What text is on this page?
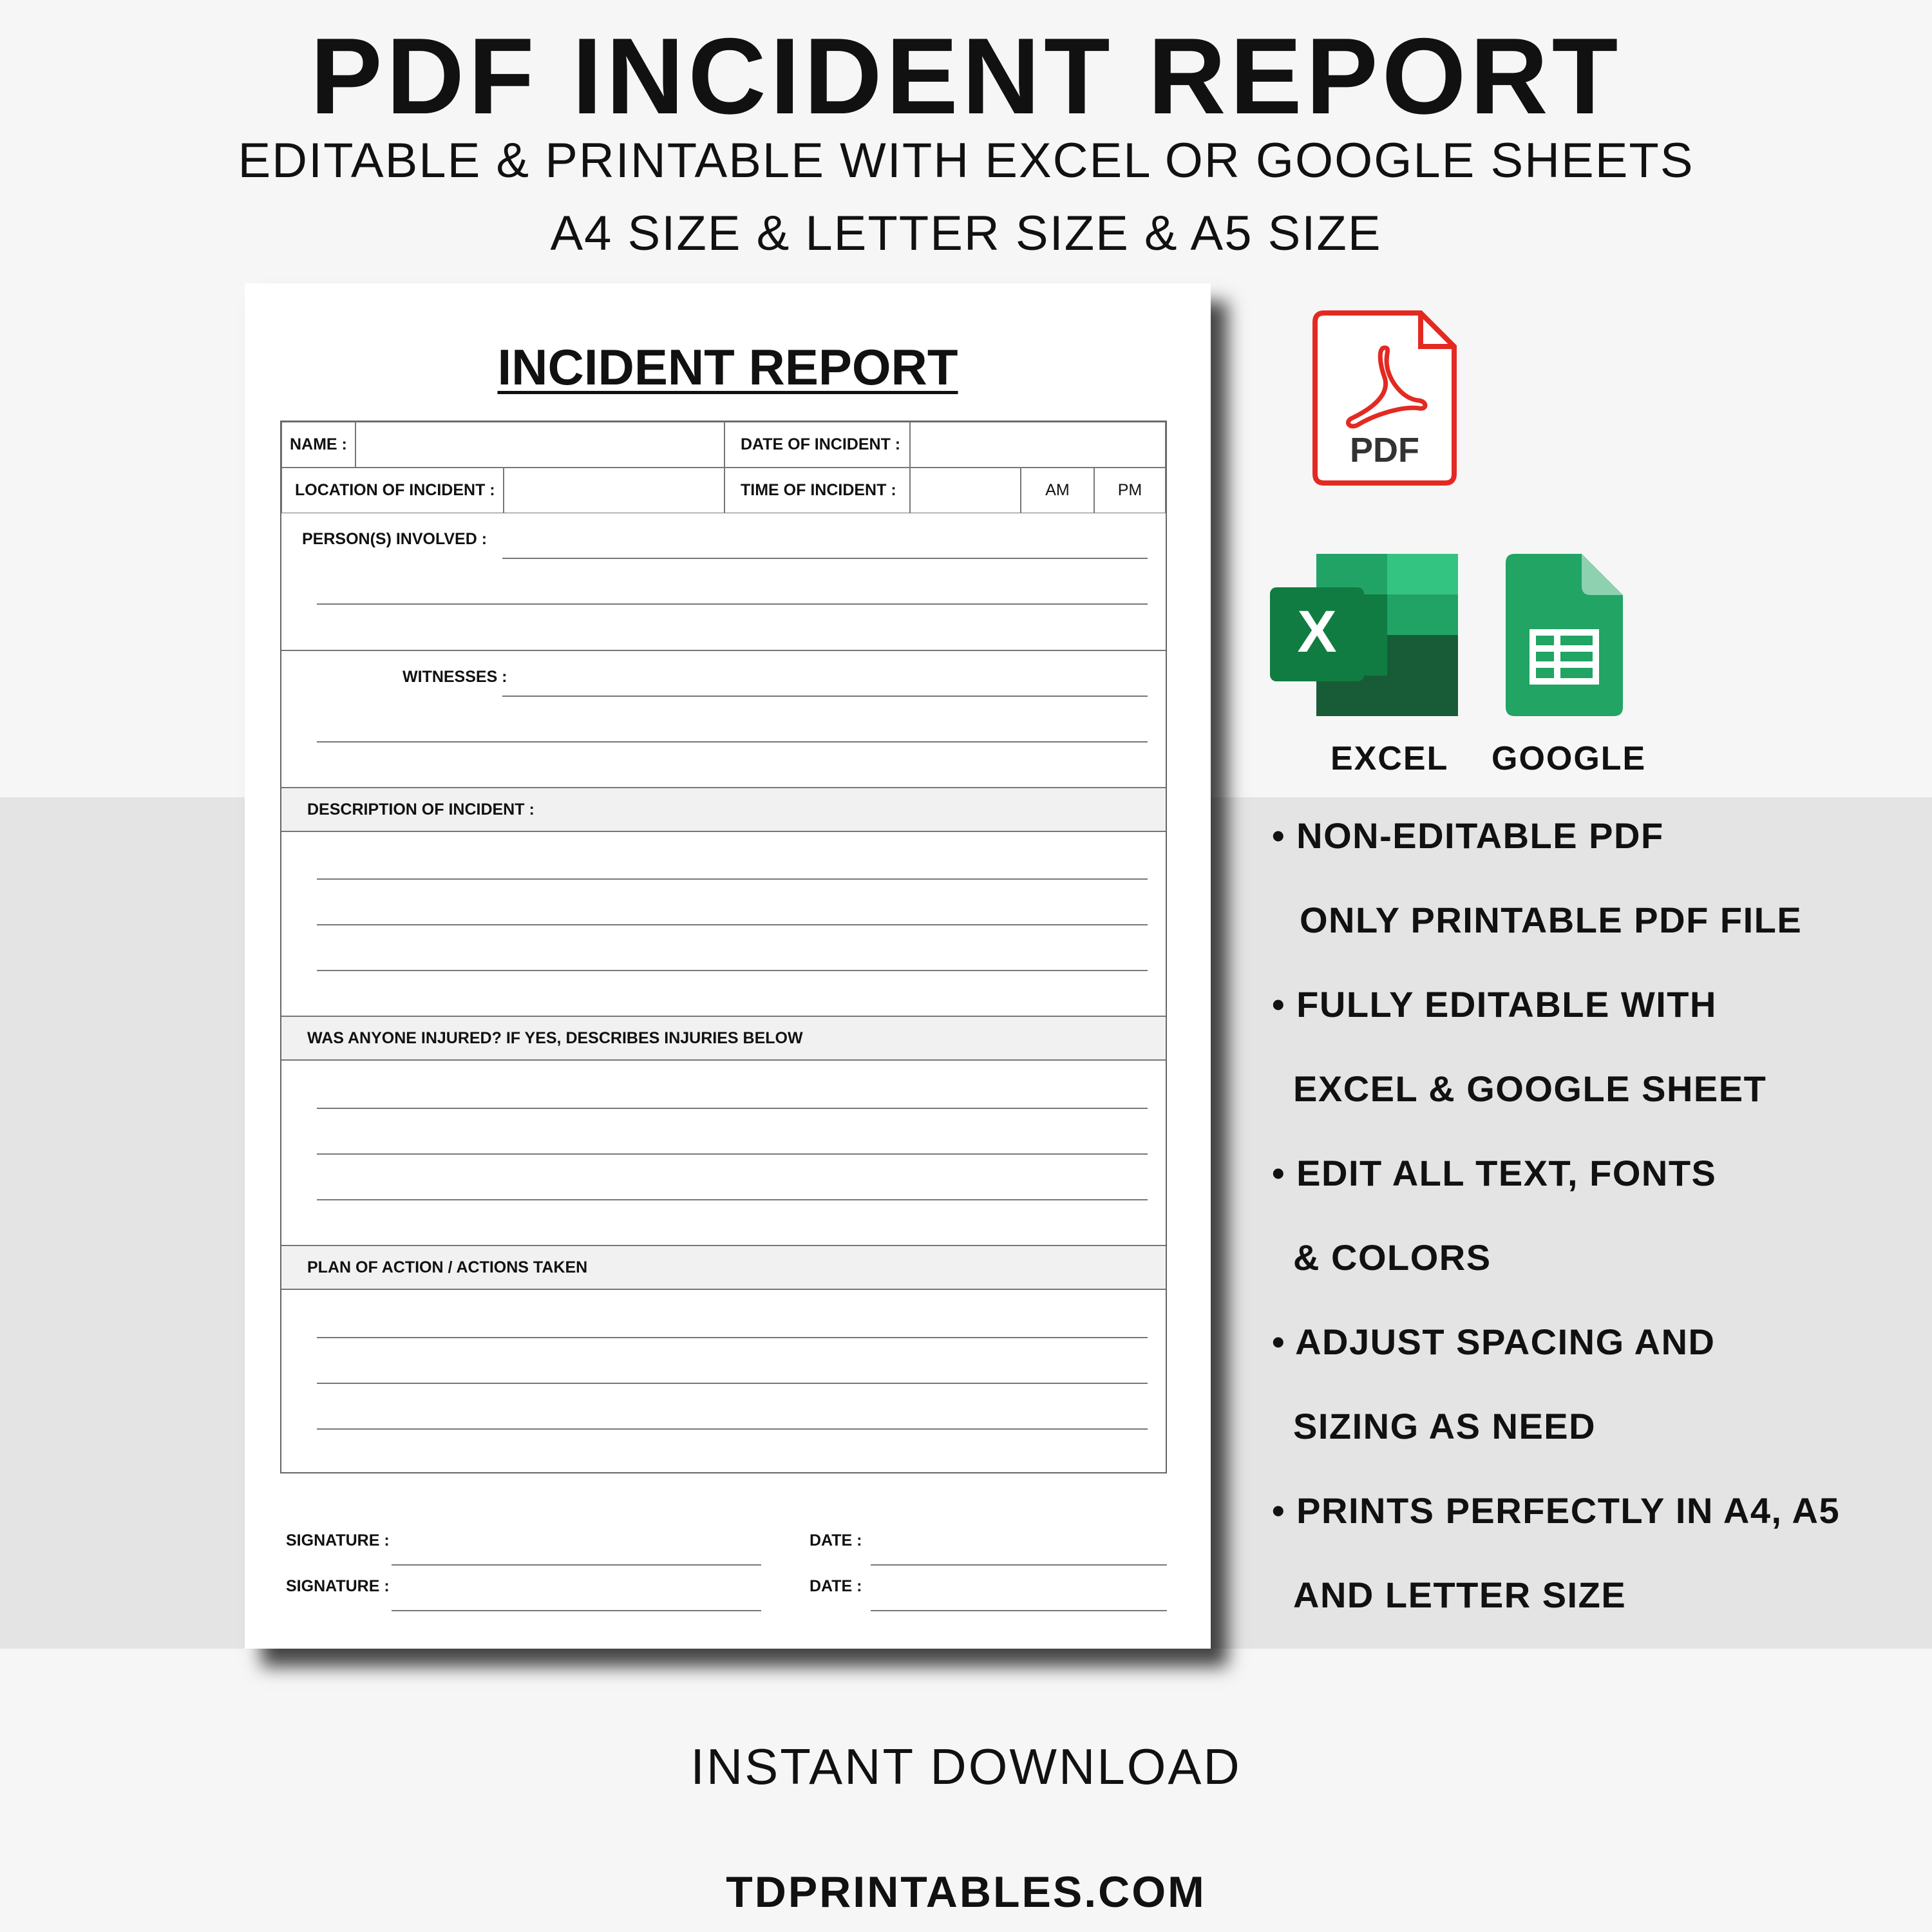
PDF INCIDENT REPORT
EDITABLE & PRINTABLE WITH EXCEL OR GOOGLE SHEETS
A4 SIZE & LETTER SIZE & A5 SIZE
INCIDENT REPORT
NAME :	DATE OF INCIDENT :
LOCATION OF INCIDENT :	TIME OF INCIDENT :	AM	PM
PERSON(S) INVOLVED :
WITNESSES :
DESCRIPTION OF INCIDENT :
WAS ANYONE INJURED? IF YES, DESCRIBES INJURIES BELOW
PLAN OF ACTION / ACTIONS TAKEN
SIGNATURE :	DATE :
SIGNATURE :	DATE :
PDF
X
EXCEL GOOGLE
• NON-EDITABLE PDF
ONLY PRINTABLE PDF FILE
• FULLY EDITABLE WITH
EXCEL & GOOGLE SHEET
• EDIT ALL TEXT, FONTS
& COLORS
• ADJUST SPACING AND
SIZING AS NEED
• PRINTS PERFECTLY IN A4, A5
AND LETTER SIZE
INSTANT DOWNLOAD
TDPRINTABLES.COM
